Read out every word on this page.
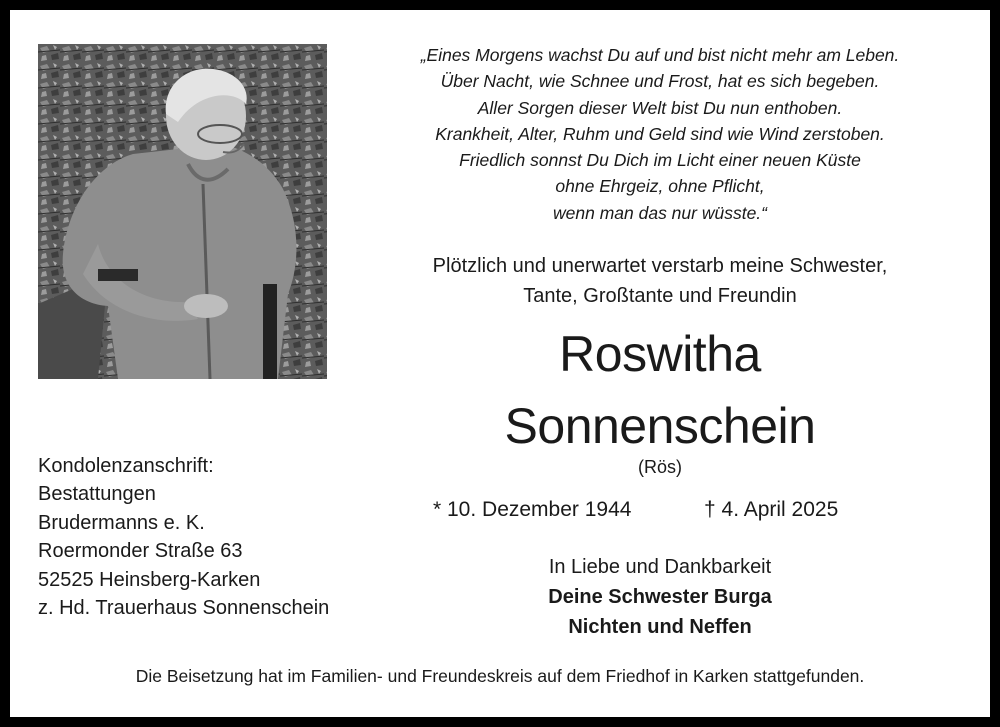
„Eines Morgens wachst Du auf und bist nicht mehr am Leben.
Über Nacht, wie Schnee und Frost, hat es sich begeben.
Aller Sorgen dieser Welt bist Du nun enthoben.
Krankheit, Alter, Ruhm und Geld sind wie Wind zerstoben.
Friedlich sonnst Du Dich im Licht einer neuen Küste
ohne Ehrgeiz, ohne Pflicht,
wenn man das nur wüsste.“
Plötzlich und unerwartet verstarb meine Schwester,
Tante, Großtante und Freundin
Roswitha
Sonnenschein
(Rös)
* 10. Dezember 1944	† 4. April 2025
In Liebe und Dankbarkeit
Deine Schwester Burga
Nichten und Neffen
Kondolenzanschrift:
Bestattungen
Brudermanns e. K.
Roermonder Straße 63
52525 Heinsberg-Karken
z. Hd. Trauerhaus Sonnenschein
Die Beisetzung hat im Familien- und Freundeskreis auf dem Friedhof in Karken stattgefunden.
